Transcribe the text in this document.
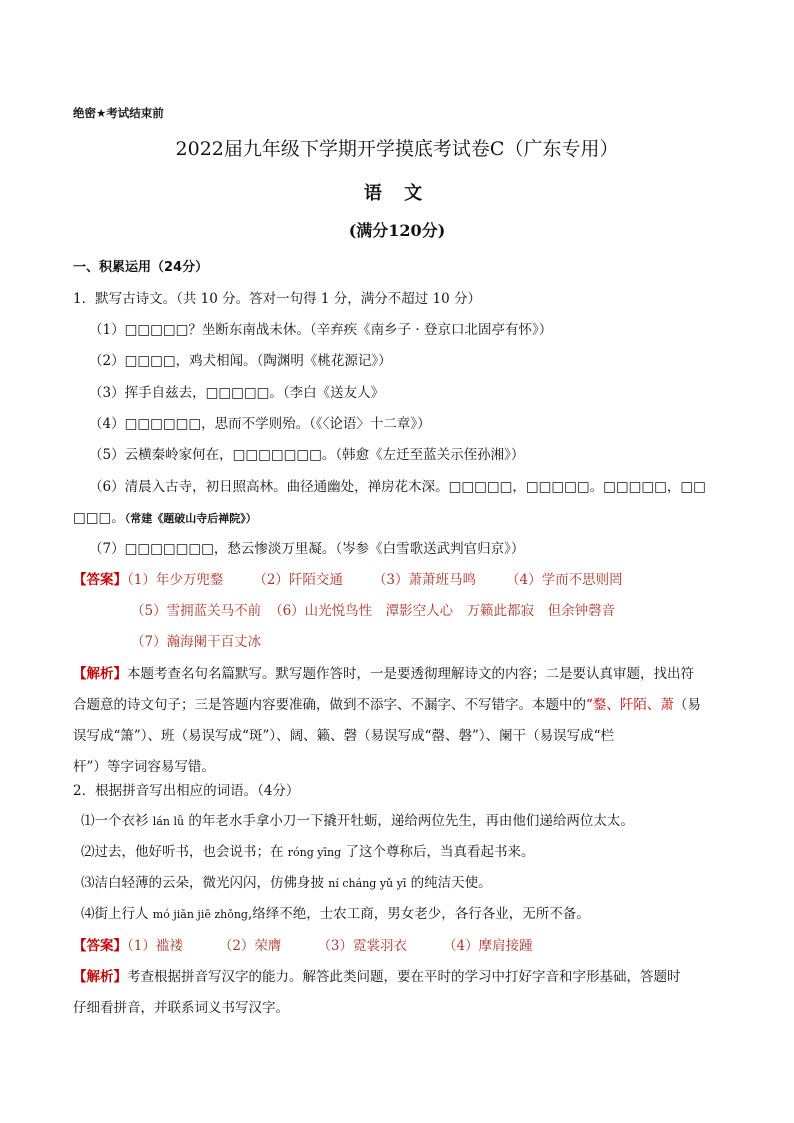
绝密★考试结束前
2022届九年级下学期开学摸底考试卷C（广东专用）
语 文
(满分120分)
一、积累运用（24分）
1．默写古诗文。（共 10 分。答对一句得 1 分，满分不超过 10 分）
（1）□□□□□？坐断东南战未休。（辛弃疾《南乡子 · 登京口北固亭有怀》）
（2）□□□□，鸡犬相闻。（陶渊明《桃花源记》）
（3）挥手自兹去，□□□□□。（李白《送友人》
（4）□□□□□□，思而不学则殆。（《〈论语〉十二章》）
（5）云横秦岭家何在，□□□□□□□。（韩愈《左迁至蓝关示侄孙湘》）
（6）清晨入古寺，初日照高林。曲径通幽处，禅房花木深。□□□□□，□□□□□。□□□□□，□□
□□□。（常建《题破山寺后禅院》）
（7）□□□□□□□，愁云惨淡万里凝。（岑参《白雪歌送武判官归京》）
【答案】（1）年少万兜鍪 （2）阡陌交通 （3）萧萧班马鸣 （4）学而不思则罔
（5）雪拥蓝关马不前 （6）山光悦鸟性　潭影空人心　万籁此都寂　但余钟磬音
（7）瀚海阑干百丈冰
【解析】本题考查名句名篇默写。默写题作答时，一是要透彻理解诗文的内容；二是要认真审题，找出符
合题意的诗文句子；三是答题内容要准确，做到不添字、不漏字、不写错字。本题中的“鍪、阡陌、萧（易
误写成“箫”）、班（易误写成“斑”）、阔、籁、磬（易误写成“罄、磐”）、阑干（易误写成“栏
杆”）等字词容易写错。
2．根据拼音写出相应的词语。（4分）
⑴一个衣衫 lán lǚ 的年老水手拿小刀一下撬开牡蛎，递给两位先生，再由他们递给两位太太。
⑵过去，他好听书，也会说书；在 róng yīng 了这个尊称后，当真看起书来。
⑶洁白轻薄的云朵，微光闪闪，仿佛身披 ní cháng yǔ yī 的纯洁天使。
⑷街上行人 mó jiān jiē zhǒng,络绎不绝，士农工商，男女老少，各行各业，无所不备。
【答案】（1）褴褛	（2）荣膺	（3）霓裳羽衣	（4）摩肩接踵
【解析】考查根据拼音写汉字的能力。解答此类问题，要在平时的学习中打好字音和字形基础，答题时
仔细看拼音，并联系词义书写汉字。
